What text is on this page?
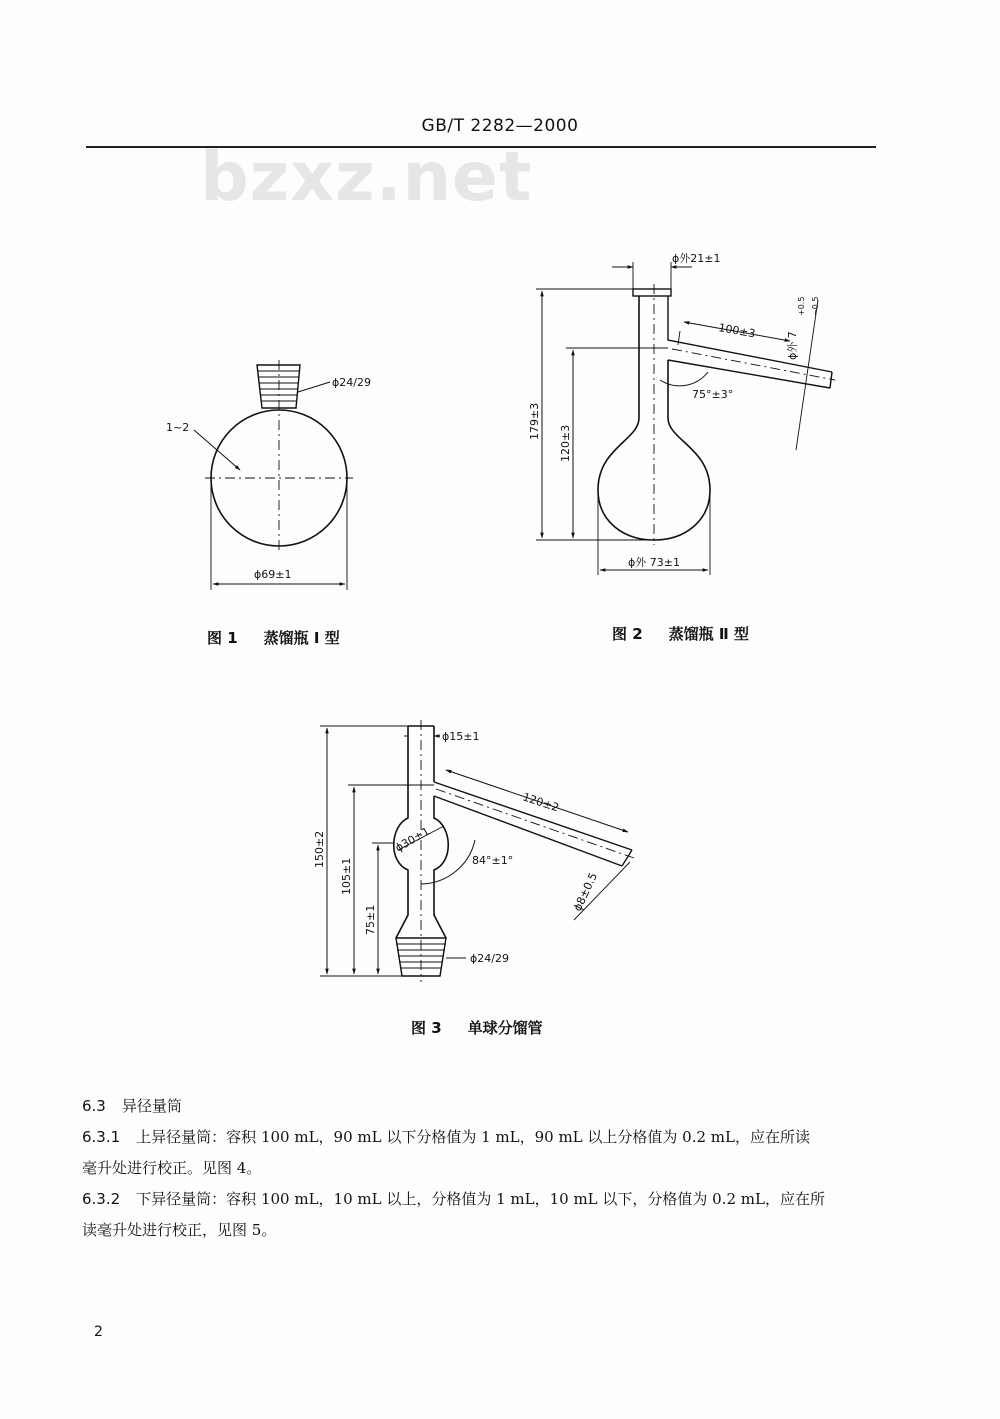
bzxz.net
GB/T 2282—2000
ϕ24/29
1~2
ϕ69±1
ϕ外21±1
100±3
ϕ外 7
+0.5 −0.5
75°±3°
179±3
120±3
ϕ外 73±1
ϕ15±1
120±2
ϕ30±1
84°±1°
ϕ8±0.5
150±2
105±1
75±1
ϕ24/29
图 1 蒸馏瓶 I 型	图 2 蒸馏瓶 Ⅱ 型
图 3 单球分馏管
6.3 异径量筒
6.3.1 上异径量筒：容积 100 mL，90 mL 以下分格值为 1 mL，90 mL 以上分格值为 0.2 mL，应在所读
毫升处进行校正。见图 4。
6.3.2 下异径量筒：容积 100 mL，10 mL 以上，分格值为 1 mL，10 mL 以下，分格值为 0.2 mL，应在所
读毫升处进行校正，见图 5。
2
